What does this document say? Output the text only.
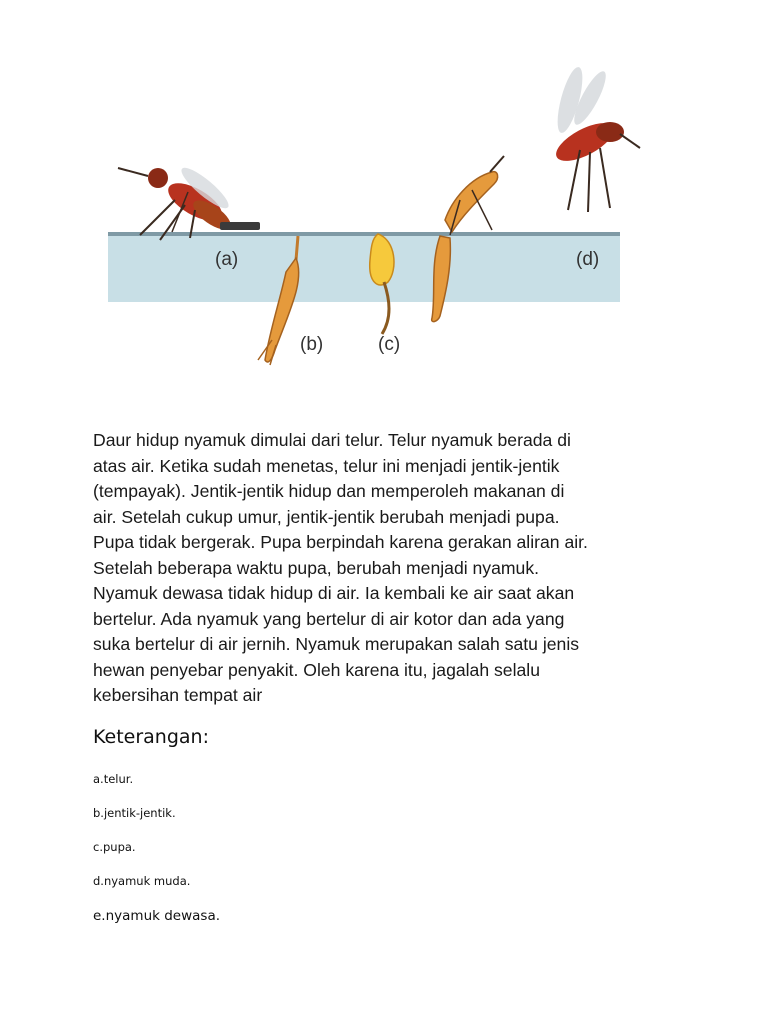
(a)
(b)	(c)
(d)

Daur hidup nyamuk dimulai dari telur. Telur nyamuk berada di
atas air. Ketika sudah menetas, telur ini menjadi jentik-jentik
(tempayak). Jentik-jentik hidup dan memperoleh makanan di
air. Setelah cukup umur, jentik-jentik berubah menjadi pupa.
Pupa tidak bergerak. Pupa berpindah karena gerakan aliran air.
Setelah beberapa waktu pupa, berubah menjadi nyamuk.
Nyamuk dewasa tidak hidup di air. Ia kembali ke air saat akan
bertelur. Ada nyamuk yang bertelur di air kotor dan ada yang
suka bertelur di air jernih. Nyamuk merupakan salah satu jenis
hewan penyebar penyakit. Oleh karena itu, jagalah selalu
kebersihan tempat air

Keterangan:
a.telur.
b.jentik-jentik.
c.pupa.
d.nyamuk muda.
e.nyamuk dewasa.
